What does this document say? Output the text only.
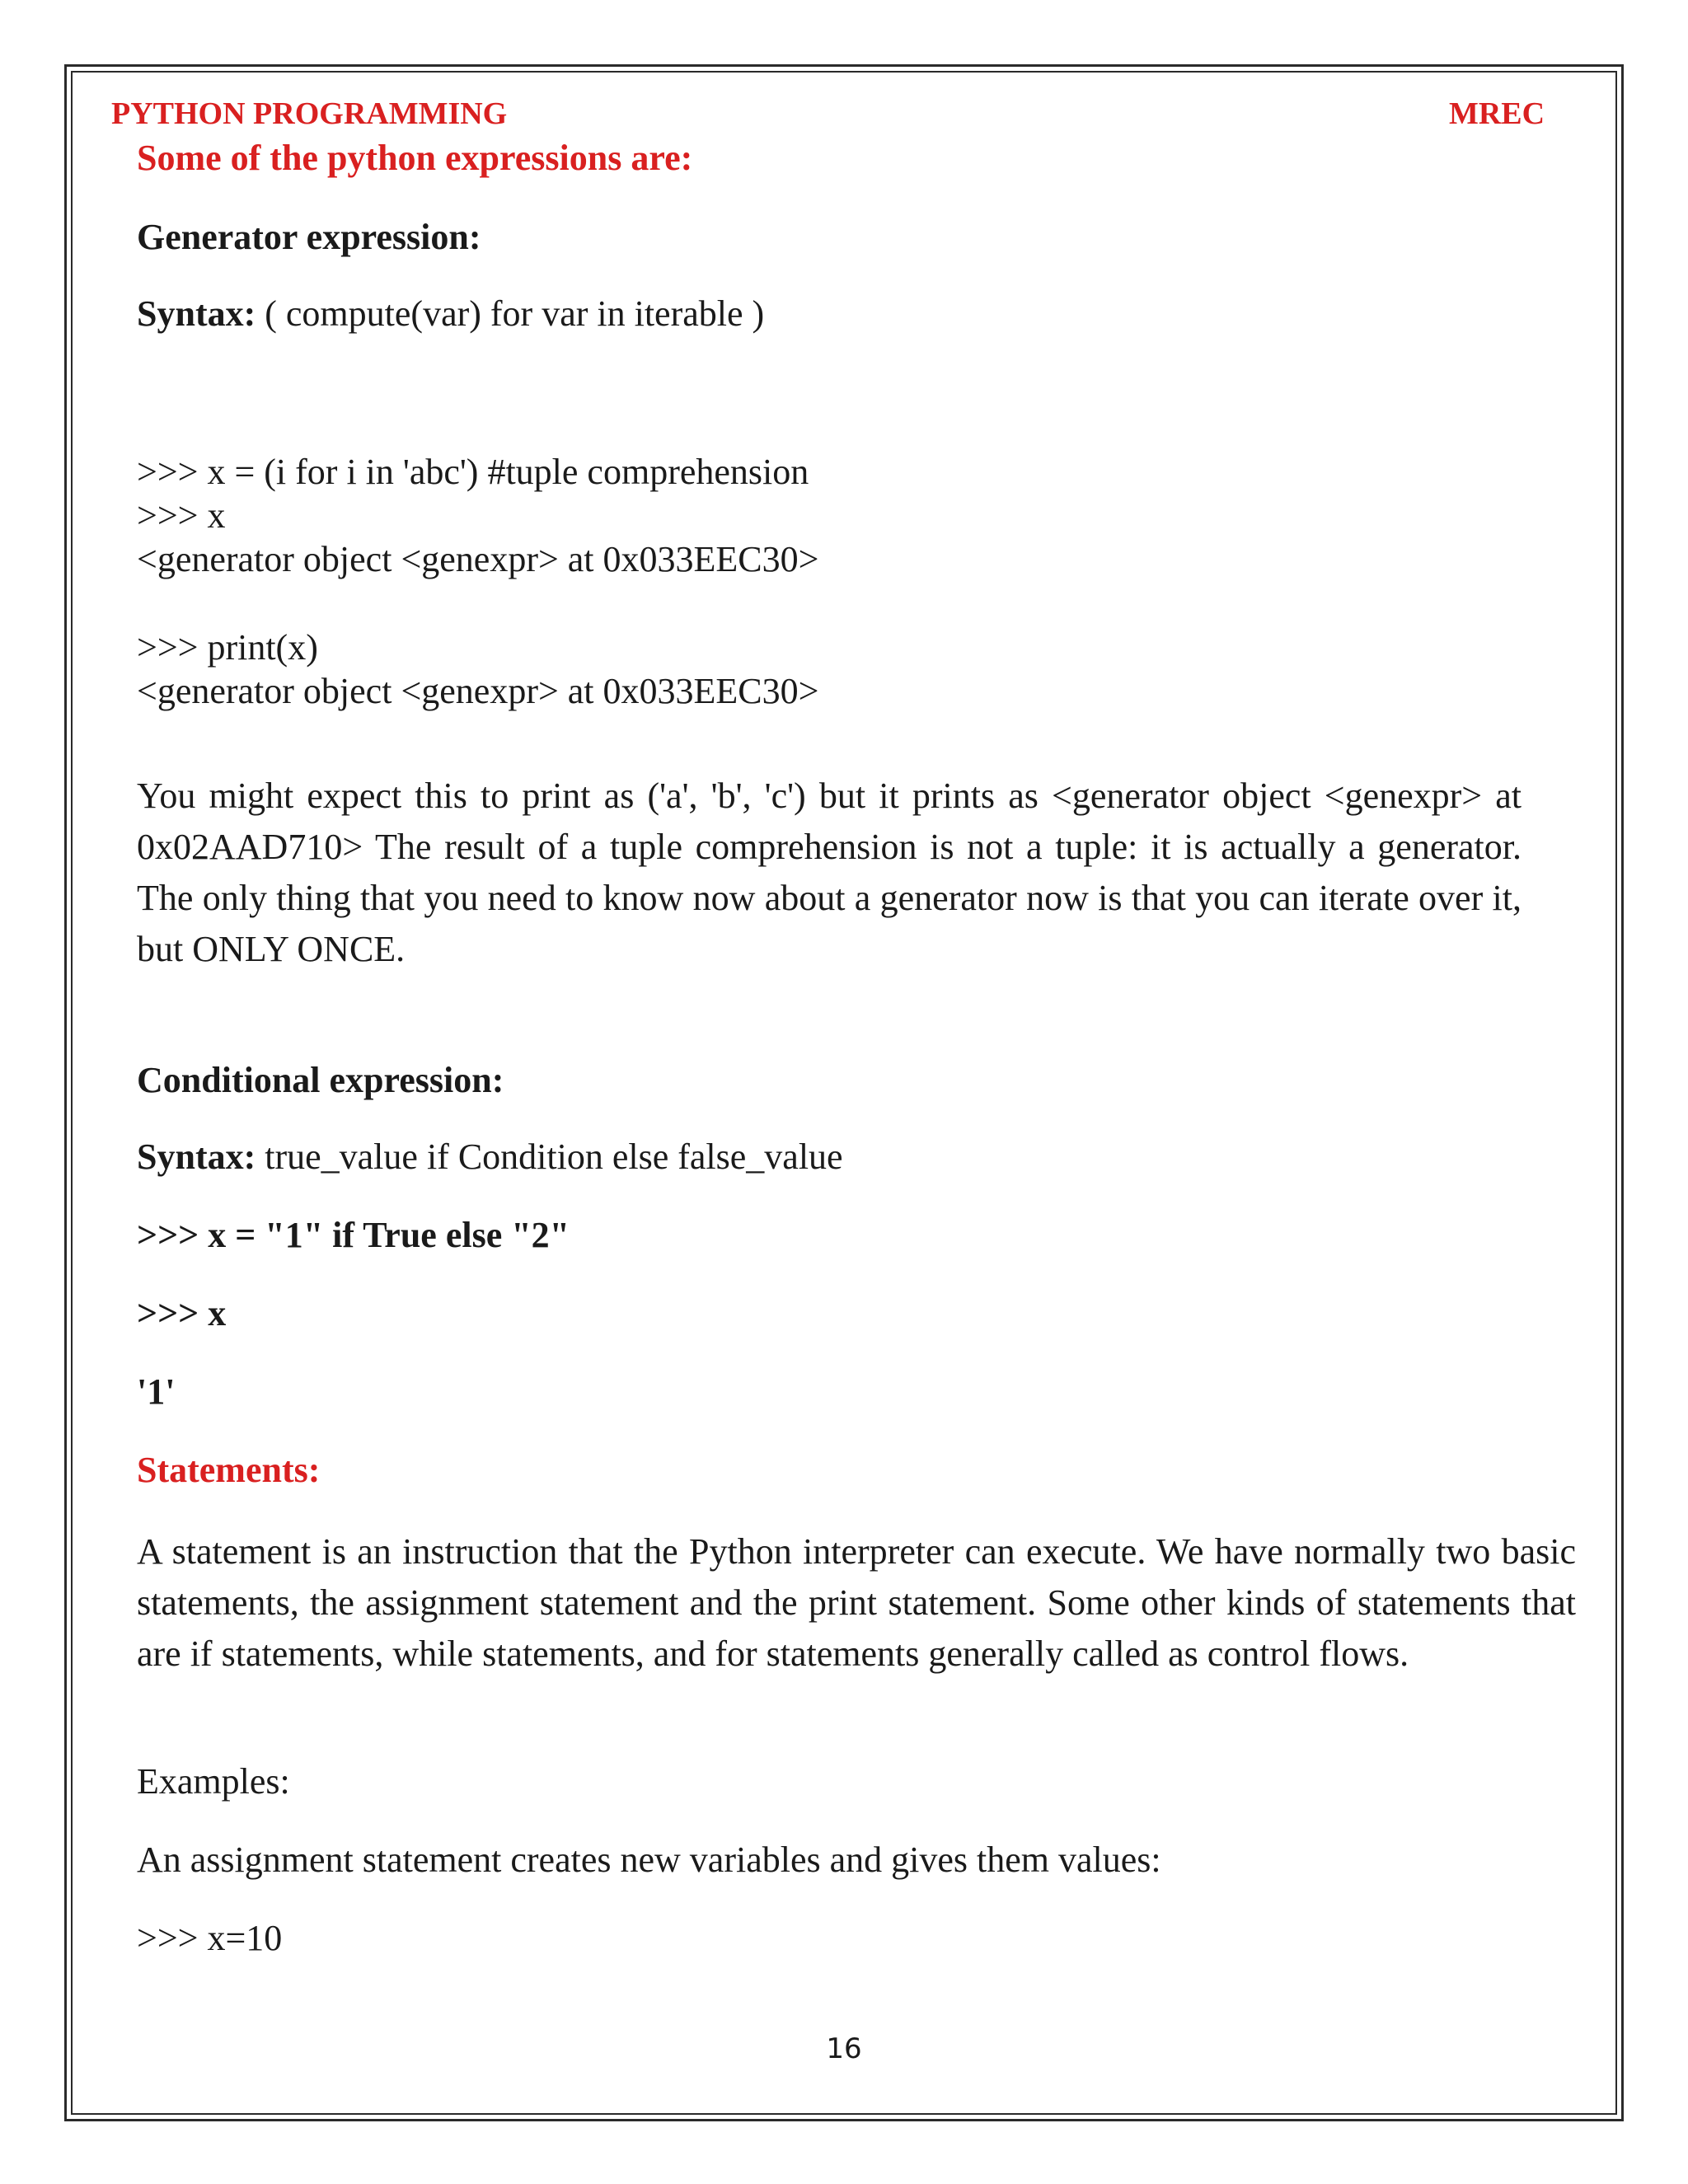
PYTHON PROGRAMMING	MREC
Some of the python expressions are:
Generator expression:
Syntax: ( compute(var) for var in iterable )
>>> x = (i for i in 'abc') #tuple comprehension
>>> x
<generator object <genexpr> at 0x033EEC30>
>>> print(x)
<generator object <genexpr> at 0x033EEC30>
You might expect this to print as ('a', 'b', 'c') but it prints as <generator object <genexpr> at 0x02AAD710> The result of a tuple comprehension is not a tuple: it is actually a generator. The only thing that you need to know now about a generator now is that you can iterate over it, but ONLY ONCE.
Conditional expression:
Syntax: true_value if Condition else false_value
>>> x = "1" if True else "2"
>>> x
'1'
Statements:
A statement is an instruction that the Python interpreter can execute. We have normally two basic statements, the assignment statement and the print statement. Some other kinds of statements that are if statements, while statements, and for statements generally called as control flows.
Examples:
An assignment statement creates new variables and gives them values:
>>> x=10
16
